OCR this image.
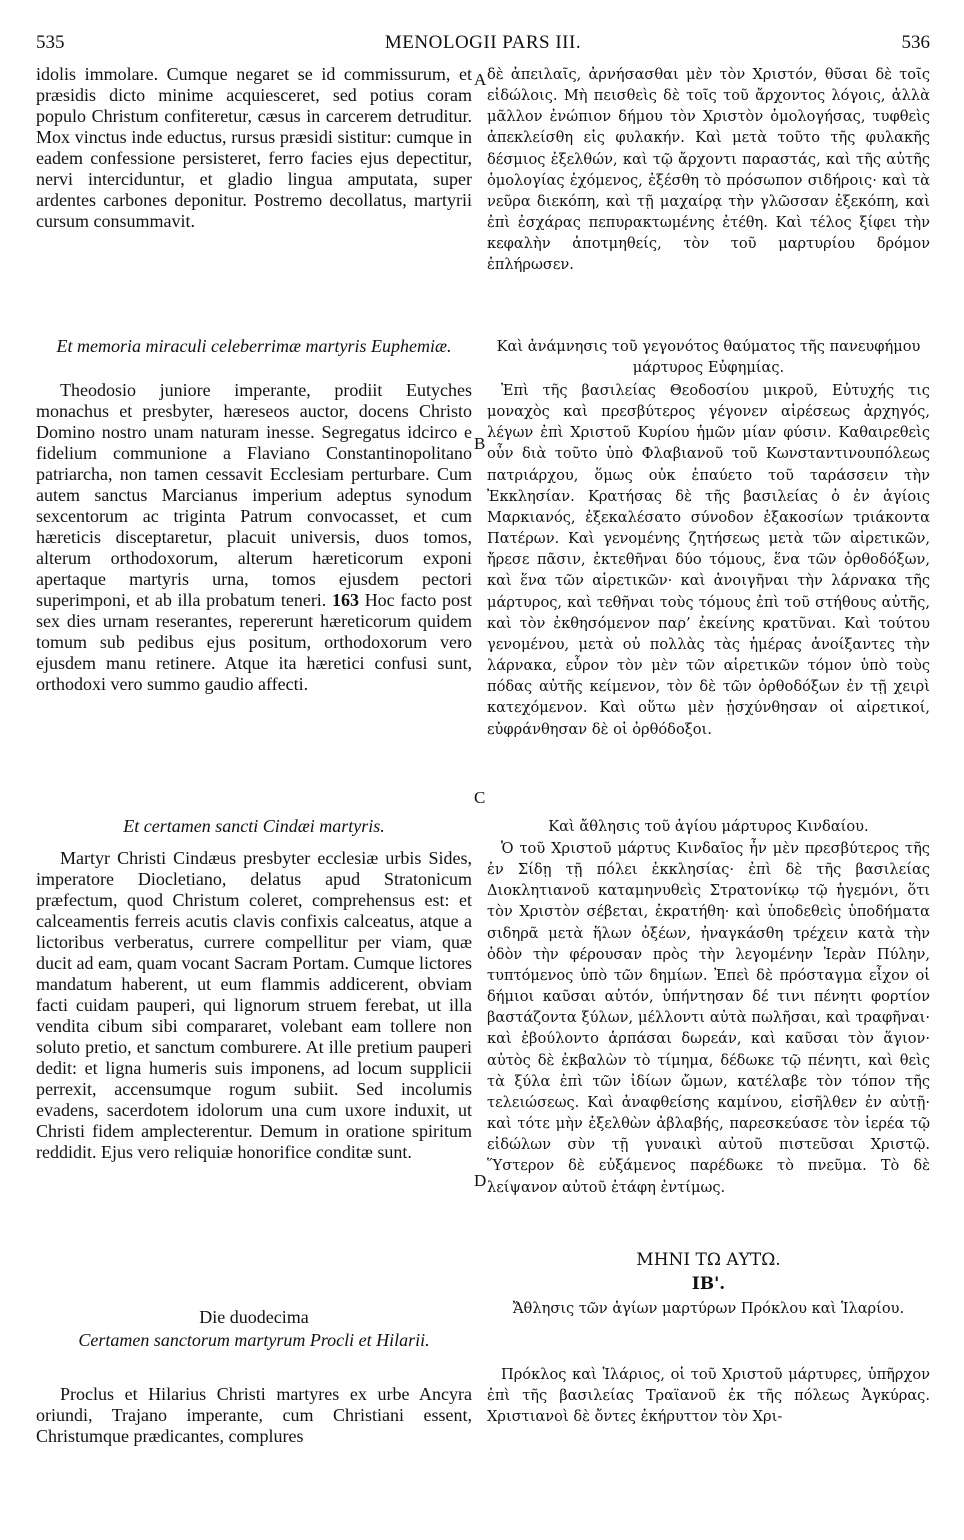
535	MENOLOGII PARS III.	536
A
B
C
D

idolis immolare. Cumque negaret se id commissurum, et præsidis dicto minime acquiesceret, sed potius coram populo Christum confiteretur, cæsus in carcerem detruditur. Mox vinctus inde eductus, rursus præsidi sistitur: cumque in eadem confessione persisteret, ferro facies ejus depectitur, nervi interciduntur, et gladio lingua amputata, super ardentes carbones deponitur. Postremo decollatus, martyrii cursum consummavit.

Et memoria miraculi celeberrimæ martyris Euphemiæ.

Theodosio juniore imperante, prodiit Eutyches monachus et presbyter, hæreseos auctor, docens Christo Domino nostro unam naturam inesse. Segregatus idcirco e fidelium communione a Flaviano Constantinopolitano patriarcha, non tamen cessavit Ecclesiam perturbare. Cum autem sanctus Marcianus imperium adeptus synodum sexcentorum ac triginta Patrum convocasset, et cum hæreticis disceptaretur, placuit universis, duos tomos, alterum orthodoxorum, alterum hæreticorum exponi apertaque martyris urna, tomos ejusdem pectori superimponi, et ab illa probatum teneri. 163 Hoc facto post sex dies urnam reserantes, repererunt hæreticorum quidem tomum sub pedibus ejus positum, orthodoxorum vero ejusdem manu retinere. Atque ita hæretici confusi sunt, orthodoxi vero summo gaudio affecti.

Et certamen sancti Cindæi martyris.

Martyr Christi Cindæus presbyter ecclesiæ urbis Sides, imperatore Diocletiano, delatus apud Stratonicum præfectum, quod Christum coleret, comprehensus est: et calceamentis ferreis acutis clavis confixis calceatus, atque a lictoribus verberatus, currere compellitur per viam, quæ ducit ad eam, quam vocant Sacram Portam. Cumque lictores mandatum haberent, ut eum flammis addicerent, obviam facti cuidam pauperi, qui lignorum struem ferebat, ut illa vendita cibum sibi compararet, volebant eam tollere non soluto pretio, et sanctum comburere. At ille pretium pauperi dedit: et ligna humeris suis imponens, ad locum supplicii perrexit, accensumque rogum subiit. Sed incolumis evadens, sacerdotem idolorum una cum uxore induxit, ut Christi fidem amplecterentur. Demum in oratione spiritum reddidit. Ejus vero reliquiæ honorifice conditæ sunt.

Die duodecima

Certamen sanctorum martyrum Procli et Hilarii.

Proclus et Hilarius Christi martyres ex urbe Ancyra oriundi, Trajano imperante, cum Christiani essent, Christumque prædicantes, complures

δὲ ἀπειλαῖς, ἀρνήσασθαι μὲν τὸν Χριστόν, θῦσαι δὲ τοῖς εἰδώλοις. Μὴ πεισθεὶς δὲ τοῖς τοῦ ἄρχοντος λόγοις, ἀλλὰ μᾶλλον ἐνώπιον δήμου τὸν Χριστὸν ὁμολογήσας, τυφθεὶς ἀπεκλείσθη εἰς φυλακήν. Καὶ μετὰ τοῦτο τῆς φυλακῆς δέσμιος ἐξελθών, καὶ τῷ ἄρχοντι παραστάς, καὶ τῆς αὐτῆς ὁμολογίας ἐχόμενος, ἐξέσθη τὸ πρόσωπον σιδήροις· καὶ τὰ νεῦρα διεκόπη, καὶ τῇ μαχαίρᾳ τὴν γλῶσσαν ἐξεκόπη, καὶ ἐπὶ ἐσχάρας πεπυρακτωμένης ἐτέθη. Καὶ τέλος ξίφει τὴν κεφαλὴν ἀποτμηθείς, τὸν τοῦ μαρτυρίου δρόμον ἐπλήρωσεν.

Καὶ ἀνάμνησις τοῦ γεγονότος θαύματος τῆς πανευφήμου μάρτυρος Εὐφημίας.

Ἐπὶ τῆς βασιλείας Θεοδοσίου μικροῦ, Εὐτυχής τις μοναχὸς καὶ πρεσβύτερος γέγονεν αἱρέσεως ἀρχηγός, λέγων ἐπὶ Χριστοῦ Κυρίου ἡμῶν μίαν φύσιν. Καθαιρεθεὶς οὖν διὰ τοῦτο ὑπὸ Φλαβιανοῦ τοῦ Κωνσταντινουπόλεως πατριάρχου, ὅμως οὐκ ἐπαύετο τοῦ ταράσσειν τὴν Ἐκκλησίαν. Κρατήσας δὲ τῆς βασιλείας ὁ ἐν ἁγίοις Μαρκιανός, ἐξεκαλέσατο σύνοδον ἑξακοσίων τριάκοντα Πατέρων. Καὶ γενομένης ζητήσεως μετὰ τῶν αἱρετικῶν, ἤρεσε πᾶσιν, ἐκτεθῆναι δύο τόμους, ἕνα τῶν ὀρθοδόξων, καὶ ἕνα τῶν αἱρετικῶν· καὶ ἀνοιγῆναι τὴν λάρνακα τῆς μάρτυρος, καὶ τεθῆναι τοὺς τόμους ἐπὶ τοῦ στήθους αὐτῆς, καὶ τὸν ἐκθησόμενον παρ’ ἐκείνης κρατῦναι. Καὶ τούτου γενομένου, μετὰ οὐ πολλὰς τὰς ἡμέρας ἀνοίξαντες τὴν λάρνακα, εὗρον τὸν μὲν τῶν αἱρετικῶν τόμον ὑπὸ τοὺς πόδας αὐτῆς κείμενον, τὸν δὲ τῶν ὀρθοδόξων ἐν τῇ χειρὶ κατεχόμενον. Καὶ οὕτω μὲν ᾐσχύνθησαν οἱ αἱρετικοί, εὐφράνθησαν δὲ οἱ ὀρθόδοξοι.

Καὶ ἄθλησις τοῦ ἁγίου μάρτυρος Κινδαίου.

Ὁ τοῦ Χριστοῦ μάρτυς Κινδαῖος ἦν μὲν πρεσβύτερος τῆς ἐν Σίδῃ τῇ πόλει ἐκκλησίας· ἐπὶ δὲ τῆς βασιλείας Διοκλητιανοῦ καταμηνυθεὶς Στρατονίκῳ τῷ ἡγεμόνι, ὅτι τὸν Χριστὸν σέβεται, ἐκρατήθη· καὶ ὑποδεθεὶς ὑποδήματα σιδηρᾶ μετὰ ἥλων ὀξέων, ἠναγκάσθη τρέχειν κατὰ τὴν ὁδὸν τὴν φέρουσαν πρὸς τὴν λεγομένην Ἱερὰν Πύλην, τυπτόμενος ὑπὸ τῶν δημίων. Ἐπεὶ δὲ πρόσταγμα εἶχον οἱ δήμιοι καῦσαι αὐτόν, ὑπήντησαν δέ τινι πένητι φορτίον βαστάζοντα ξύλων, μέλλοντι αὐτὰ πωλῆσαι, καὶ τραφῆναι· καὶ ἐβούλοντο ἁρπάσαι δωρεάν, καὶ καῦσαι τὸν ἅγιον· αὐτὸς δὲ ἐκβαλὼν τὸ τίμημα, δέδωκε τῷ πένητι, καὶ θεὶς τὰ ξύλα ἐπὶ τῶν ἰδίων ὤμων, κατέλαβε τὸν τόπον τῆς τελειώσεως. Καὶ ἀναφθείσης καμίνου, εἰσῆλθεν ἐν αὐτῇ· καὶ τότε μὴν ἐξελθὼν ἀβλαβής, παρεσκεύασε τὸν ἱερέα τῷ εἰδώλων σὺν τῇ γυναικὶ αὐτοῦ πιστεῦσαι Χριστῷ. Ὕστερον δὲ εὐξάμενος παρέδωκε τὸ πνεῦμα. Τὸ δὲ λείψανον αὐτοῦ ἐτάφη ἐντίμως.

ΜΗΝΙ ΤΩ ΑΥΤΩ.

ΙΒ'.

Ἄθλησις τῶν ἁγίων μαρτύρων Πρόκλου καὶ Ἱλαρίου.

Πρόκλος καὶ Ἱλάριος, οἱ τοῦ Χριστοῦ μάρτυρες, ὑπῆρχον ἐπὶ τῆς βασιλείας Τραϊανοῦ ἐκ τῆς πόλεως Ἀγκύρας. Χριστιανοὶ δὲ ὄντες ἐκήρυττον τὸν Χρι-
